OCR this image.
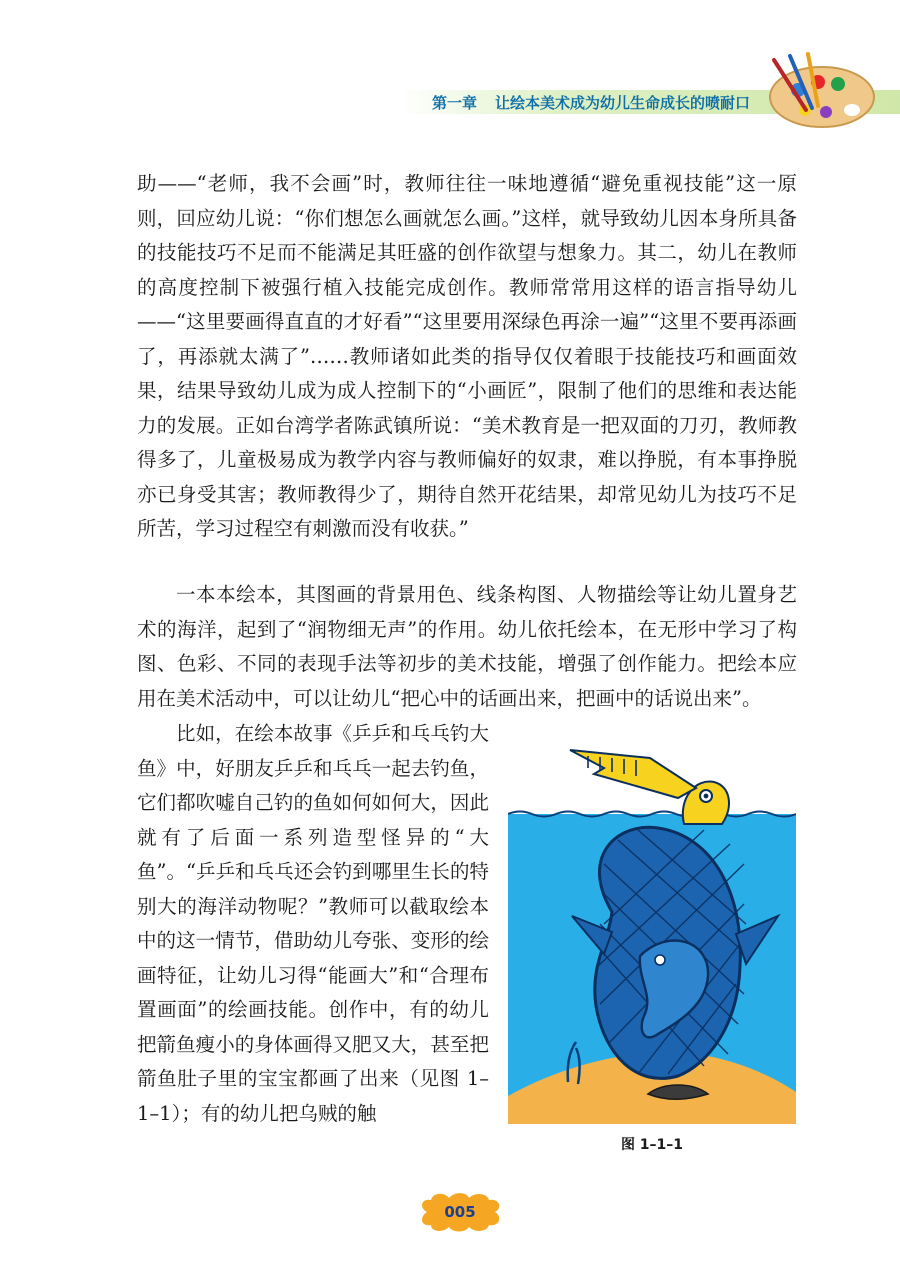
第一章 让绘本美术成为幼儿生命成长的喷耐口

助——“老师，我不会画”时，教师往往一味地遵循“避免重视技能”这一原则，回应幼儿说：“你们想怎么画就怎么画。”这样，就导致幼儿因本身所具备的技能技巧不足而不能满足其旺盛的创作欲望与想象力。其二，幼儿在教师的高度控制下被强行植入技能完成创作。教师常常用这样的语言指导幼儿——“这里要画得直直的才好看”“这里要用深绿色再涂一遍”“这里不要再添画了，再添就太满了”……教师诸如此类的指导仅仅着眼于技能技巧和画面效果，结果导致幼儿成为成人控制下的“小画匠”，限制了他们的思维和表达能力的发展。正如台湾学者陈武镇所说：“美术教育是一把双面的刀刃，教师教得多了，儿童极易成为教学内容与教师偏好的奴隶，难以挣脱，有本事挣脱亦已身受其害；教师教得少了，期待自然开花结果，却常见幼儿为技巧不足所苦，学习过程空有刺激而没有收获。”

一本本绘本，其图画的背景用色、线条构图、人物描绘等让幼儿置身艺术的海洋，起到了“润物细无声”的作用。幼儿依托绘本，在无形中学习了构图、色彩、不同的表现手法等初步的美术技能，增强了创作能力。把绘本应用在美术活动中，可以让幼儿“把心中的话画出来，把画中的话说出来”。

比如，在绘本故事《乒乒和乓乓钓大鱼》中，好朋友乒乒和乓乓一起去钓鱼，它们都吹嘘自己钓的鱼如何如何大，因此就有了后面一系列造型怪异的“大鱼”。“乒乒和乓乓还会钓到哪里生长的特别大的海洋动物呢？”教师可以截取绘本中的这一情节，借助幼儿夸张、变形的绘画特征，让幼儿习得“能画大”和“合理布置画面”的绘画技能。创作中，有的幼儿把箭鱼瘦小的身体画得又肥又大，甚至把箭鱼肚子里的宝宝都画了出来（见图 1–1–1）；有的幼儿把乌贼的触

图 1–1–1
005
